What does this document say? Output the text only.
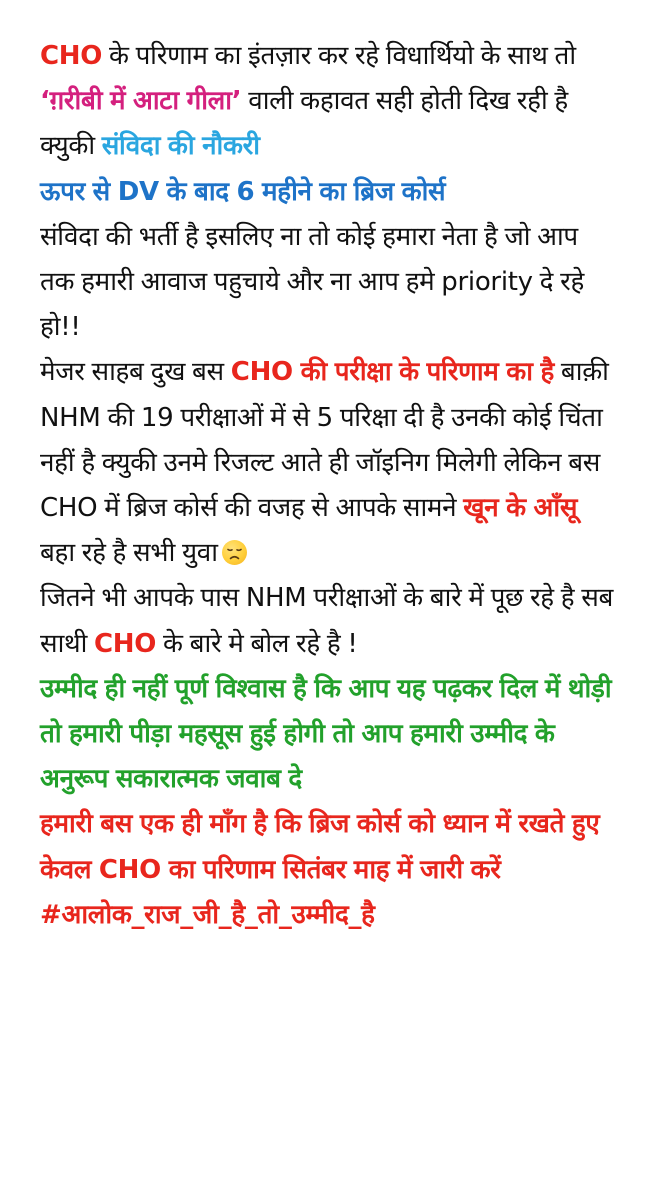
CHO के परिणाम का इंतज़ार कर रहे विधार्थियो के साथ तो ‘ग़रीबी में आटा गीला’ वाली कहावत सही होती दिख रही है क्युकी संविदा की नौकरी
ऊपर से DV के बाद 6 महीने का ब्रिज कोर्स
संविदा की भर्ती है इसलिए ना तो कोई हमारा नेता है जो आप तक हमारी आवाज पहुचाये और ना आप हमे priority दे रहे हो!!
मेजर साहब दुख बस CHO की परीक्षा के परिणाम का है बाक़ी NHM की 19 परीक्षाओं में से 5 परिक्षा दी है उनकी कोई चिंता नहीं है क्युकी उनमे रिजल्ट आते ही जॉइनिग मिलेगी लेकिन बस CHO में ब्रिज कोर्स की वजह से आपके सामने खून के आँसू बहा रहे है सभी युवा
जितने भी आपके पास NHM परीक्षाओं के बारे में पूछ रहे है सब साथी CHO के बारे मे बोल रहे है !
उम्मीद ही नहीं पूर्ण विश्वास है कि आप यह पढ़कर दिल में थोड़ी तो हमारी पीड़ा महसूस हुई होगी तो आप हमारी उम्मीद के अनुरूप सकारात्मक जवाब दे
हमारी बस एक ही माँग है कि ब्रिज कोर्स को ध्यान में रखते हुए केवल CHO का परिणाम सितंबर माह में जारी करें
#आलोक_राज_जी_है_तो_उम्मीद_है
